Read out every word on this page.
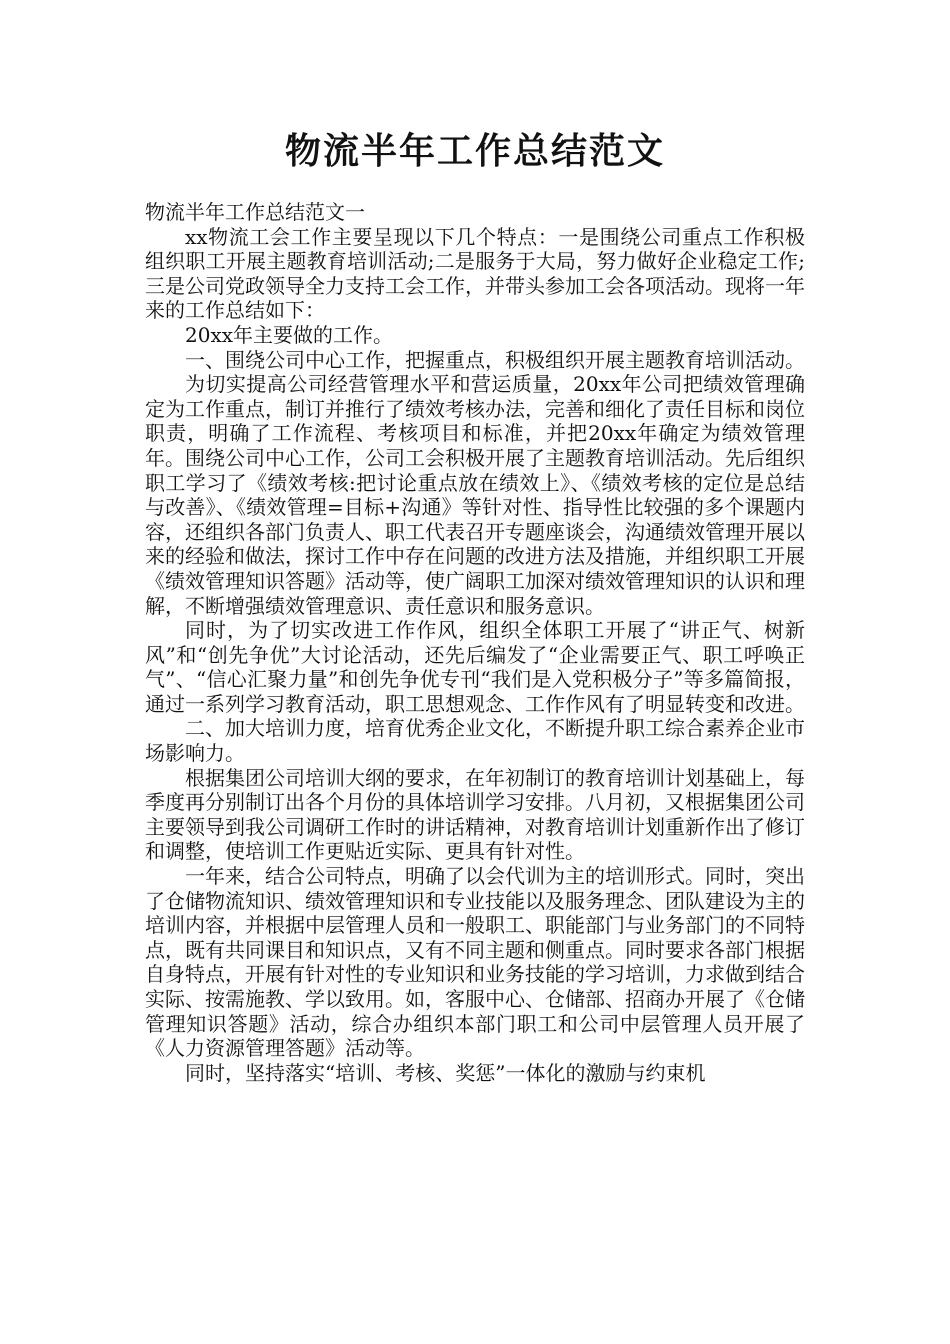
物流半年工作总结范文

物流半年工作总结范文一

xx物流工会工作主要呈现以下几个特点：一是围绕公司重点工作积极组织职工开展主题教育培训活动;二是服务于大局，努力做好企业稳定工作;三是公司党政领导全力支持工会工作，并带头参加工会各项活动。现将一年来的工作总结如下：

20xx年主要做的工作。

一、围绕公司中心工作，把握重点，积极组织开展主题教育培训活动。

为切实提高公司经营管理水平和营运质量，20xx年公司把绩效管理确定为工作重点，制订并推行了绩效考核办法，完善和细化了责任目标和岗位职责，明确了工作流程、考核项目和标准，并把20xx年确定为绩效管理年。围绕公司中心工作，公司工会积极开展了主题教育培训活动。先后组织职工学习了《绩效考核:把讨论重点放在绩效上》、《绩效考核的定位是总结与改善》、《绩效管理=目标+沟通》等针对性、指导性比较强的多个课题内容，还组织各部门负责人、职工代表召开专题座谈会，沟通绩效管理开展以来的经验和做法，探讨工作中存在问题的改进方法及措施，并组织职工开展《绩效管理知识答题》活动等，使广阔职工加深对绩效管理知识的认识和理解，不断增强绩效管理意识、责任意识和服务意识。

同时，为了切实改进工作作风，组织全体职工开展了“讲正气、树新风”和“创先争优”大讨论活动，还先后编发了“企业需要正气、职工呼唤正气”、“信心汇聚力量”和创先争优专刊“我们是入党积极分子”等多篇简报，通过一系列学习教育活动，职工思想观念、工作作风有了明显转变和改进。

二、加大培训力度，培育优秀企业文化，不断提升职工综合素养企业市场影响力。

根据集团公司培训大纲的要求，在年初制订的教育培训计划基础上，每季度再分别制订出各个月份的具体培训学习安排。八月初，又根据集团公司主要领导到我公司调研工作时的讲话精神，对教育培训计划重新作出了修订和调整，使培训工作更贴近实际、更具有针对性。

一年来，结合公司特点，明确了以会代训为主的培训形式。同时，突出了仓储物流知识、绩效管理知识和专业技能以及服务理念、团队建设为主的培训内容，并根据中层管理人员和一般职工、职能部门与业务部门的不同特点，既有共同课目和知识点，又有不同主题和侧重点。同时要求各部门根据自身特点，开展有针对性的专业知识和业务技能的学习培训，力求做到结合实际、按需施教、学以致用。如，客服中心、仓储部、招商办开展了《仓储管理知识答题》活动，综合办组织本部门职工和公司中层管理人员开展了《人力资源管理答题》活动等。

同时，坚持落实“培训、考核、奖惩”一体化的激励与约束机
